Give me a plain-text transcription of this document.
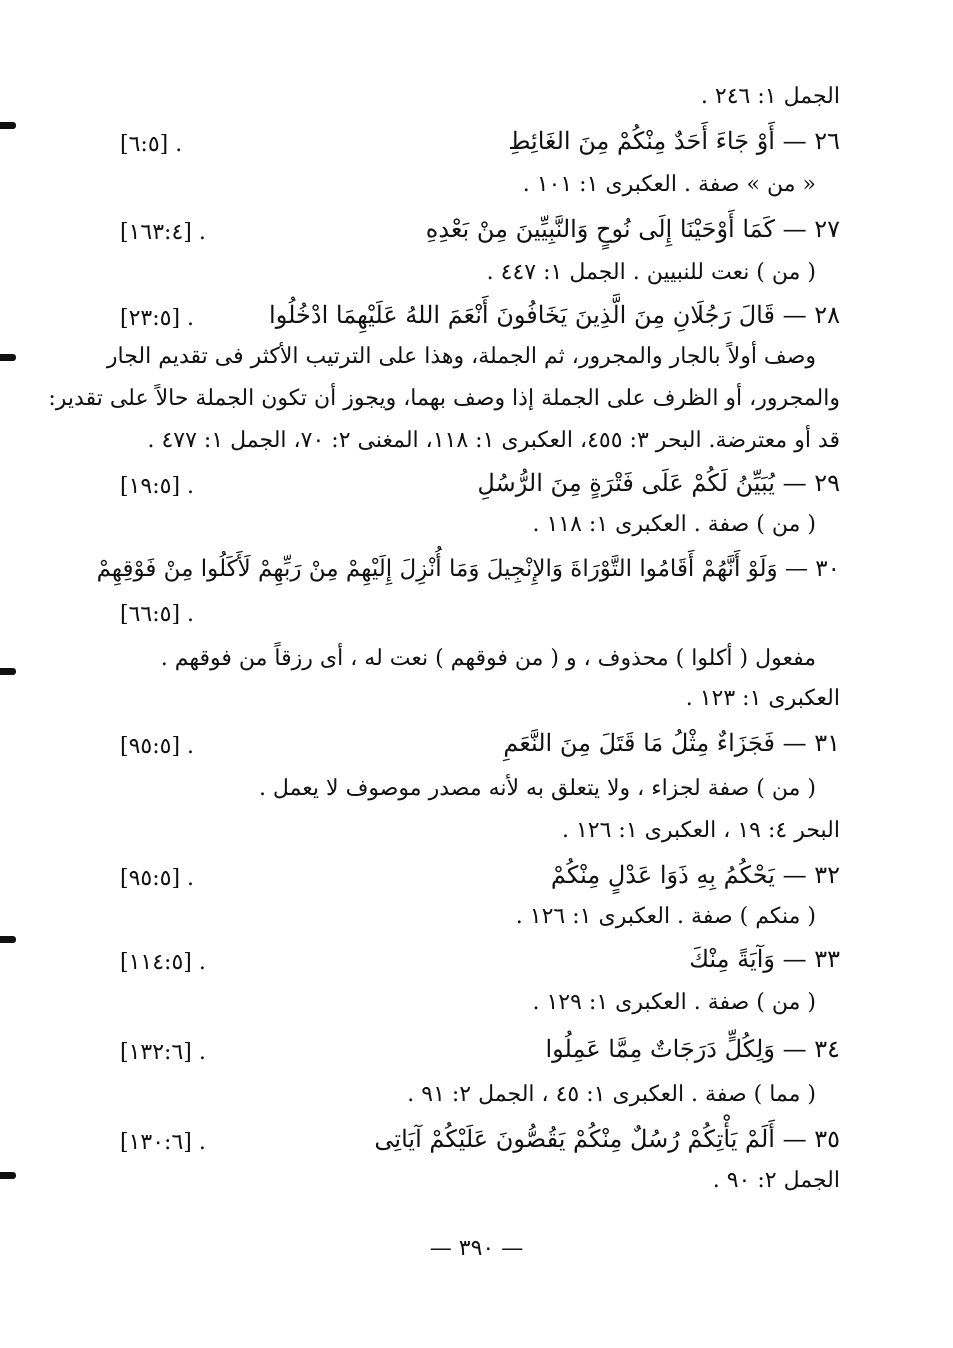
الجمل ١: ٢٤٦ .
٢٦ — أَوْ جَاءَ أَحَدٌ مِنْكُمْ مِنَ الغَائِطِ
[٦:٥] .
« من » صفة . العكبرى ١: ١٠١ .
٢٧ — كَمَا أَوْحَيْنَا إِلَى نُوحٍ وَالنَّبِيِّينَ مِنْ بَعْدِهِ
[١٦٣:٤] .
( من ) نعت للنبيين . الجمل ١: ٤٤٧ .
٢٨ — قَالَ رَجُلَانِ مِنَ الَّذِينَ يَخَافُونَ أَنْعَمَ اللهُ عَلَيْهِمَا ادْخُلُوا
[٢٣:٥] .
وصف أولاً بالجار والمجرور، ثم الجملة، وهذا على الترتيب الأكثر فى تقديم الجار
والمجرور، أو الظرف على الجملة إذا وصف بهما، ويجوز أن تكون الجملة حالاً على تقدير:
قد أو معترضة. البحر ٣: ٤٥٥، العكبرى ١: ١١٨، المغنى ٢: ٧٠، الجمل ١: ٤٧٧ .
٢٩ — يُبَيِّنُ لَكُمْ عَلَى فَتْرَةٍ مِنَ الرُّسُلِ
[١٩:٥] .
( من ) صفة . العكبرى ١: ١١٨ .
٣٠ — وَلَوْ أَنَّهُمْ أَقَامُوا التَّوْرَاةَ وَالإِنْجِيلَ وَمَا أُنْزِلَ إِلَيْهِمْ مِنْ رَبِّهِمْ لَأَكَلُوا مِنْ فَوْقِهِمْ
[٦٦:٥] .
مفعول ( أكلوا ) محذوف ، و ( من فوقهم ) نعت له ، أى رزقاً من فوقهم .
العكبرى ١: ١٢٣ .
٣١ — فَجَزَاءٌ مِثْلُ مَا قَتَلَ مِنَ النَّعَمِ
[٩٥:٥] .
( من ) صفة لجزاء ، ولا يتعلق به لأنه مصدر موصوف لا يعمل .
البحر ٤: ١٩ ، العكبرى ١: ١٢٦ .
٣٢ — يَحْكُمُ بِهِ ذَوَا عَدْلٍ مِنْكُمْ
[٩٥:٥] .
( منكم ) صفة . العكبرى ١: ١٢٦ .
٣٣ — وَآيَةً مِنْكَ
[١١٤:٥] .
( من ) صفة . العكبرى ١: ١٢٩ .
٣٤ — وَلِكُلٍّ دَرَجَاتٌ مِمَّا عَمِلُوا
[١٣٢:٦] .
( مما ) صفة . العكبرى ١: ٤٥ ، الجمل ٢: ٩١ .
٣٥ — أَلَمْ يَأْتِكُمْ رُسُلٌ مِنْكُمْ يَقُصُّونَ عَلَيْكُمْ آيَاتِى
[١٣٠:٦] .
الجمل ٢: ٩٠ .
— ٣٩٠ —
